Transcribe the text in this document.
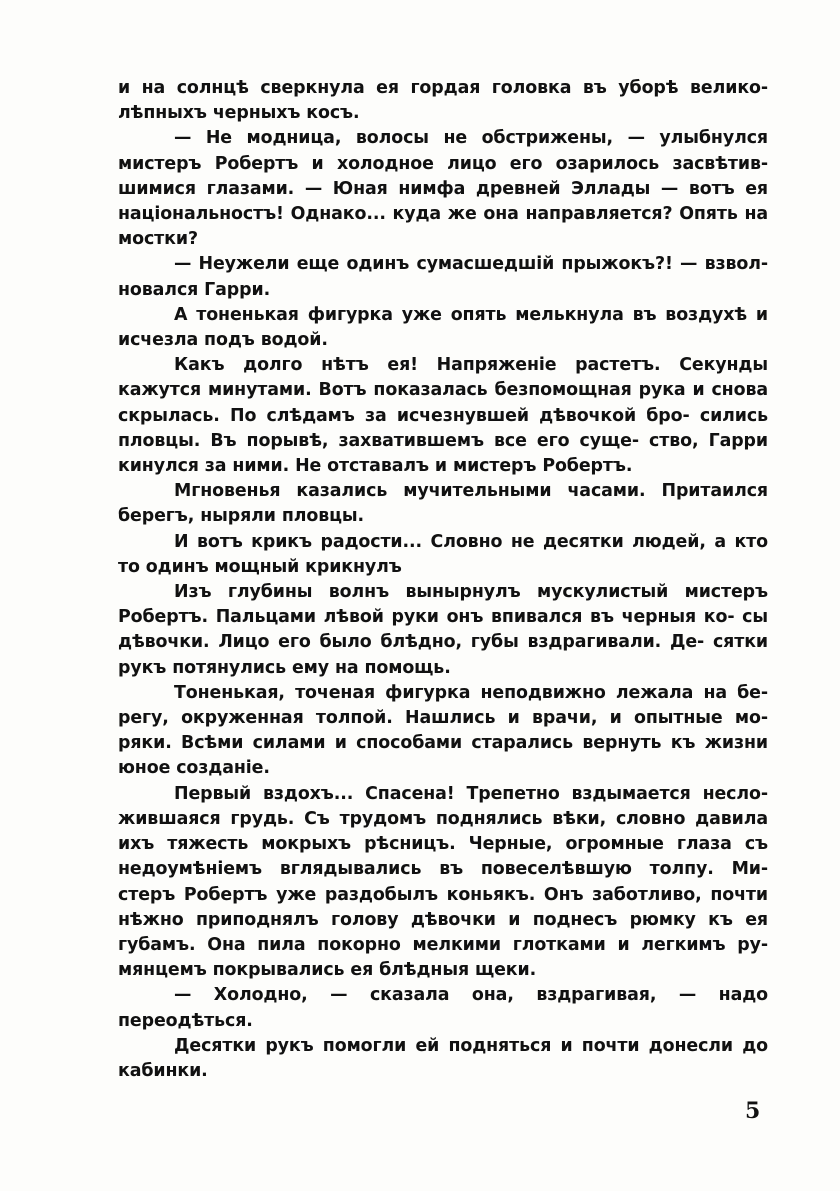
и на солнцѣ сверкнула ея гордая головка въ уборѣ велико- лѣпныхъ черныхъ косъ.

— Не модница, волосы не обстрижены, — улыбнулся мистеръ Робертъ и холодное лицо его озарилось засвѣтив- шимися глазами. — Юная нимфа древней Эллады — вотъ ея національностъ! Однако... куда же она направляется? Опять на мостки?

— Неужели еще одинъ сумасшедшій прыжокъ?! — взвол- новался Гарри.

А тоненькая фигурка уже опять мелькнула въ воздухѣ и исчезла подъ водой.

Какъ долго нѣтъ ея! Напряженіе растетъ. Секунды кажутся минутами. Вотъ показалась безпомощная рука и снова скрылась. По слѣдамъ за исчезнувшей дѣвочкой бро- сились пловцы. Въ порывѣ, захватившемъ все его суще- ство, Гарри кинулся за ними. Не отставалъ и мистеръ Робертъ.

Мгновенья казались мучительными часами. Притаился берегъ, ныряли пловцы.

И вотъ крикъ радости... Словно не десятки людей, а кто то одинъ мощный крикнулъ

Изъ глубины волнъ вынырнулъ мускулистый мистеръ Робертъ. Пальцами лѣвой руки онъ впивался въ черныя ко- сы дѣвочки. Лицо его было блѣдно, губы вздрагивали. Де- сятки рукъ потянулись ему на помощь.

Тоненькая, точеная фигурка неподвижно лежала на бе- регу, окруженная толпой. Нашлись и врачи, и опытные мо- ряки. Всѣми силами и способами старались вернуть къ жизни юное созданіе.

Первый вздохъ... Спасена! Трепетно вздымается несло- жившаяся грудь. Съ трудомъ поднялись вѣки, словно давила ихъ тяжесть мокрыхъ рѣсницъ. Черные, огромные глаза съ недоумѣніемъ вглядывались въ повеселѣвшую толпу. Ми- стеръ Робертъ уже раздобылъ коньякъ. Онъ заботливо, почти нѣжно приподнялъ голову дѣвочки и поднесъ рюмку къ ея губамъ. Она пила покорно мелкими глотками и легкимъ ру- мянцемъ покрывались ея блѣдныя щеки.

— Холодно, — сказала она, вздрагивая, — надо переодѣться.

Десятки рукъ помогли ей подняться и почти донесли до кабинки.

5
